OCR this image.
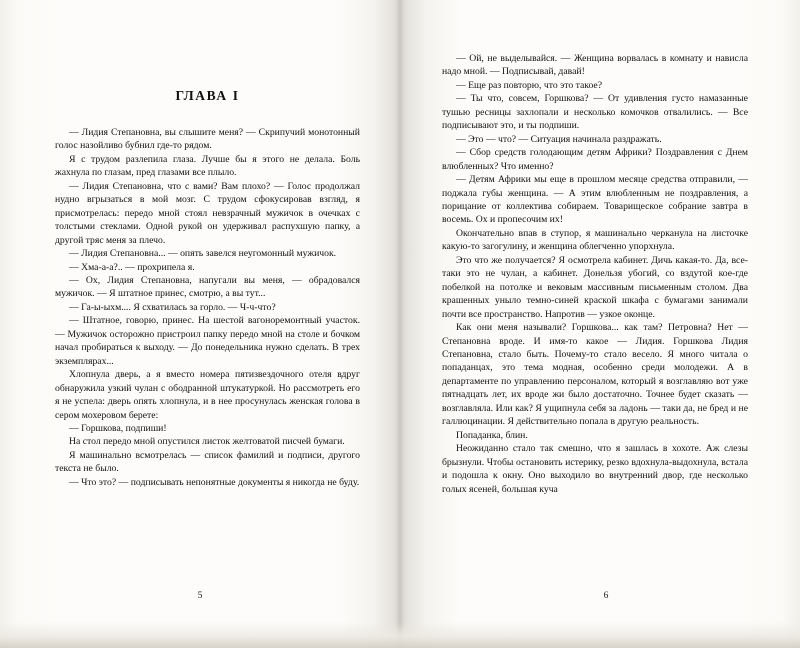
ГЛАВА I

— Лидия Степановна, вы слышите меня? — Скрипучий монотонный голос назойливо бубнил где-то рядом.

Я с трудом разлепила глаза. Лучше бы я этого не делала. Боль жахнула по глазам, пред глазами все плыло.

— Лидия Степановна, что с вами? Вам плохо? — Голос продолжал нудно вгрызаться в мой мозг. С трудом сфокусировав взгляд, я присмотрелась: передо мной стоял невзрачный мужичок в очечках с толстыми стеклами. Одной рукой он удерживал распухшую папку, а другой тряс меня за плечо.

— Лидия Степановна... — опять завелся неугомонный мужичок.

— Хма-а-а?.. — прохрипела я.

— Ох, Лидия Степановна, напугали вы меня, — обрадовался мужичок. — Я штатное принес, смотрю, а вы тут...

— Га-ы-ыхм.... Я схватилась за горло. — Ч-ч-что?

— Штатное, говорю, принес. На шестой вагоноремонтный участок. — Мужичок осторожно пристроил папку передо мной на столе и бочком начал пробираться к выходу. — До понедельника нужно сделать. В трех экземплярах...

Хлопнула дверь, а я вместо номера пятизвездочного отеля вдруг обнаружила узкий чулан с ободранной штукатуркой. Но рассмотреть его я не успела: дверь опять хлопнула, и в нее просунулась женская голова в сером мохеровом берете:

— Горшкова, подпиши!

На стол передо мной опустился листок желтоватой писчей бумаги.

Я машинально всмотрелась — список фамилий и подписи, другого текста не было.

— Что это? — подписывать непонятные документы я никогда не буду.

5

— Ой, не выделывайся. — Женщина ворвалась в комнату и нависла надо мной. — Подписывай, давай!

— Еще раз повторю, что это такое?

— Ты что, совсем, Горшкова? — От удивления густо намазанные тушью ресницы захлопали и несколько комочков отвалились. — Все подписывают это, и ты подпиши.

— Это — что? — Ситуация начинала раздражать.

— Сбор средств голодающим детям Африки? Поздравления с Днем влюбленных? Что именно?

— Детям Африки мы еще в прошлом месяце средства отправили, — поджала губы женщина. — А этим влюбленным не поздравления, а порицание от коллектива собираем. Товарищеское собрание завтра в восемь. Ох и пропесочим их!

Окончательно впав в ступор, я машинально черканула на листочке какую-то загогулину, и женщина облегченно упорхнула.

Это что же получается? Я осмотрела кабинет. Дичь какая-то. Да, все-таки это не чулан, а кабинет. Донельзя убогий, со вздутой кое-где побелкой на потолке и вековым массивным письменным столом. Два крашенных уныло темно-синей краской шкафа с бумагами занимали почти все пространство. Напротив — узкое оконце.

Как они меня называли? Горшкова... как там? Петровна? Нет — Степановна вроде. И имя-то какое — Лидия. Горшкова Лидия Степановна, стало быть. Почему-то стало весело. Я много читала о попаданцах, это тема модная, особенно среди молодежи. А в департаменте по управлению персоналом, который я возглавляю вот уже пятнадцать лет, их вроде жи было достаточно. Точнее будет сказать — возглавляла. Или как? Я ущипнула себя за ладонь — таки да, не бред и не галлюцинации. Я действительно попала в другую реальность.

Попаданка, блин.

Неожиданно стало так смешно, что я зашлась в хохоте. Аж слезы брызнули. Чтобы остановить истерику, резко вдохнула-выдохнула, встала и подошла к окну. Оно выходило во внутренний двор, где несколько голых ясеней, большая куча

6
